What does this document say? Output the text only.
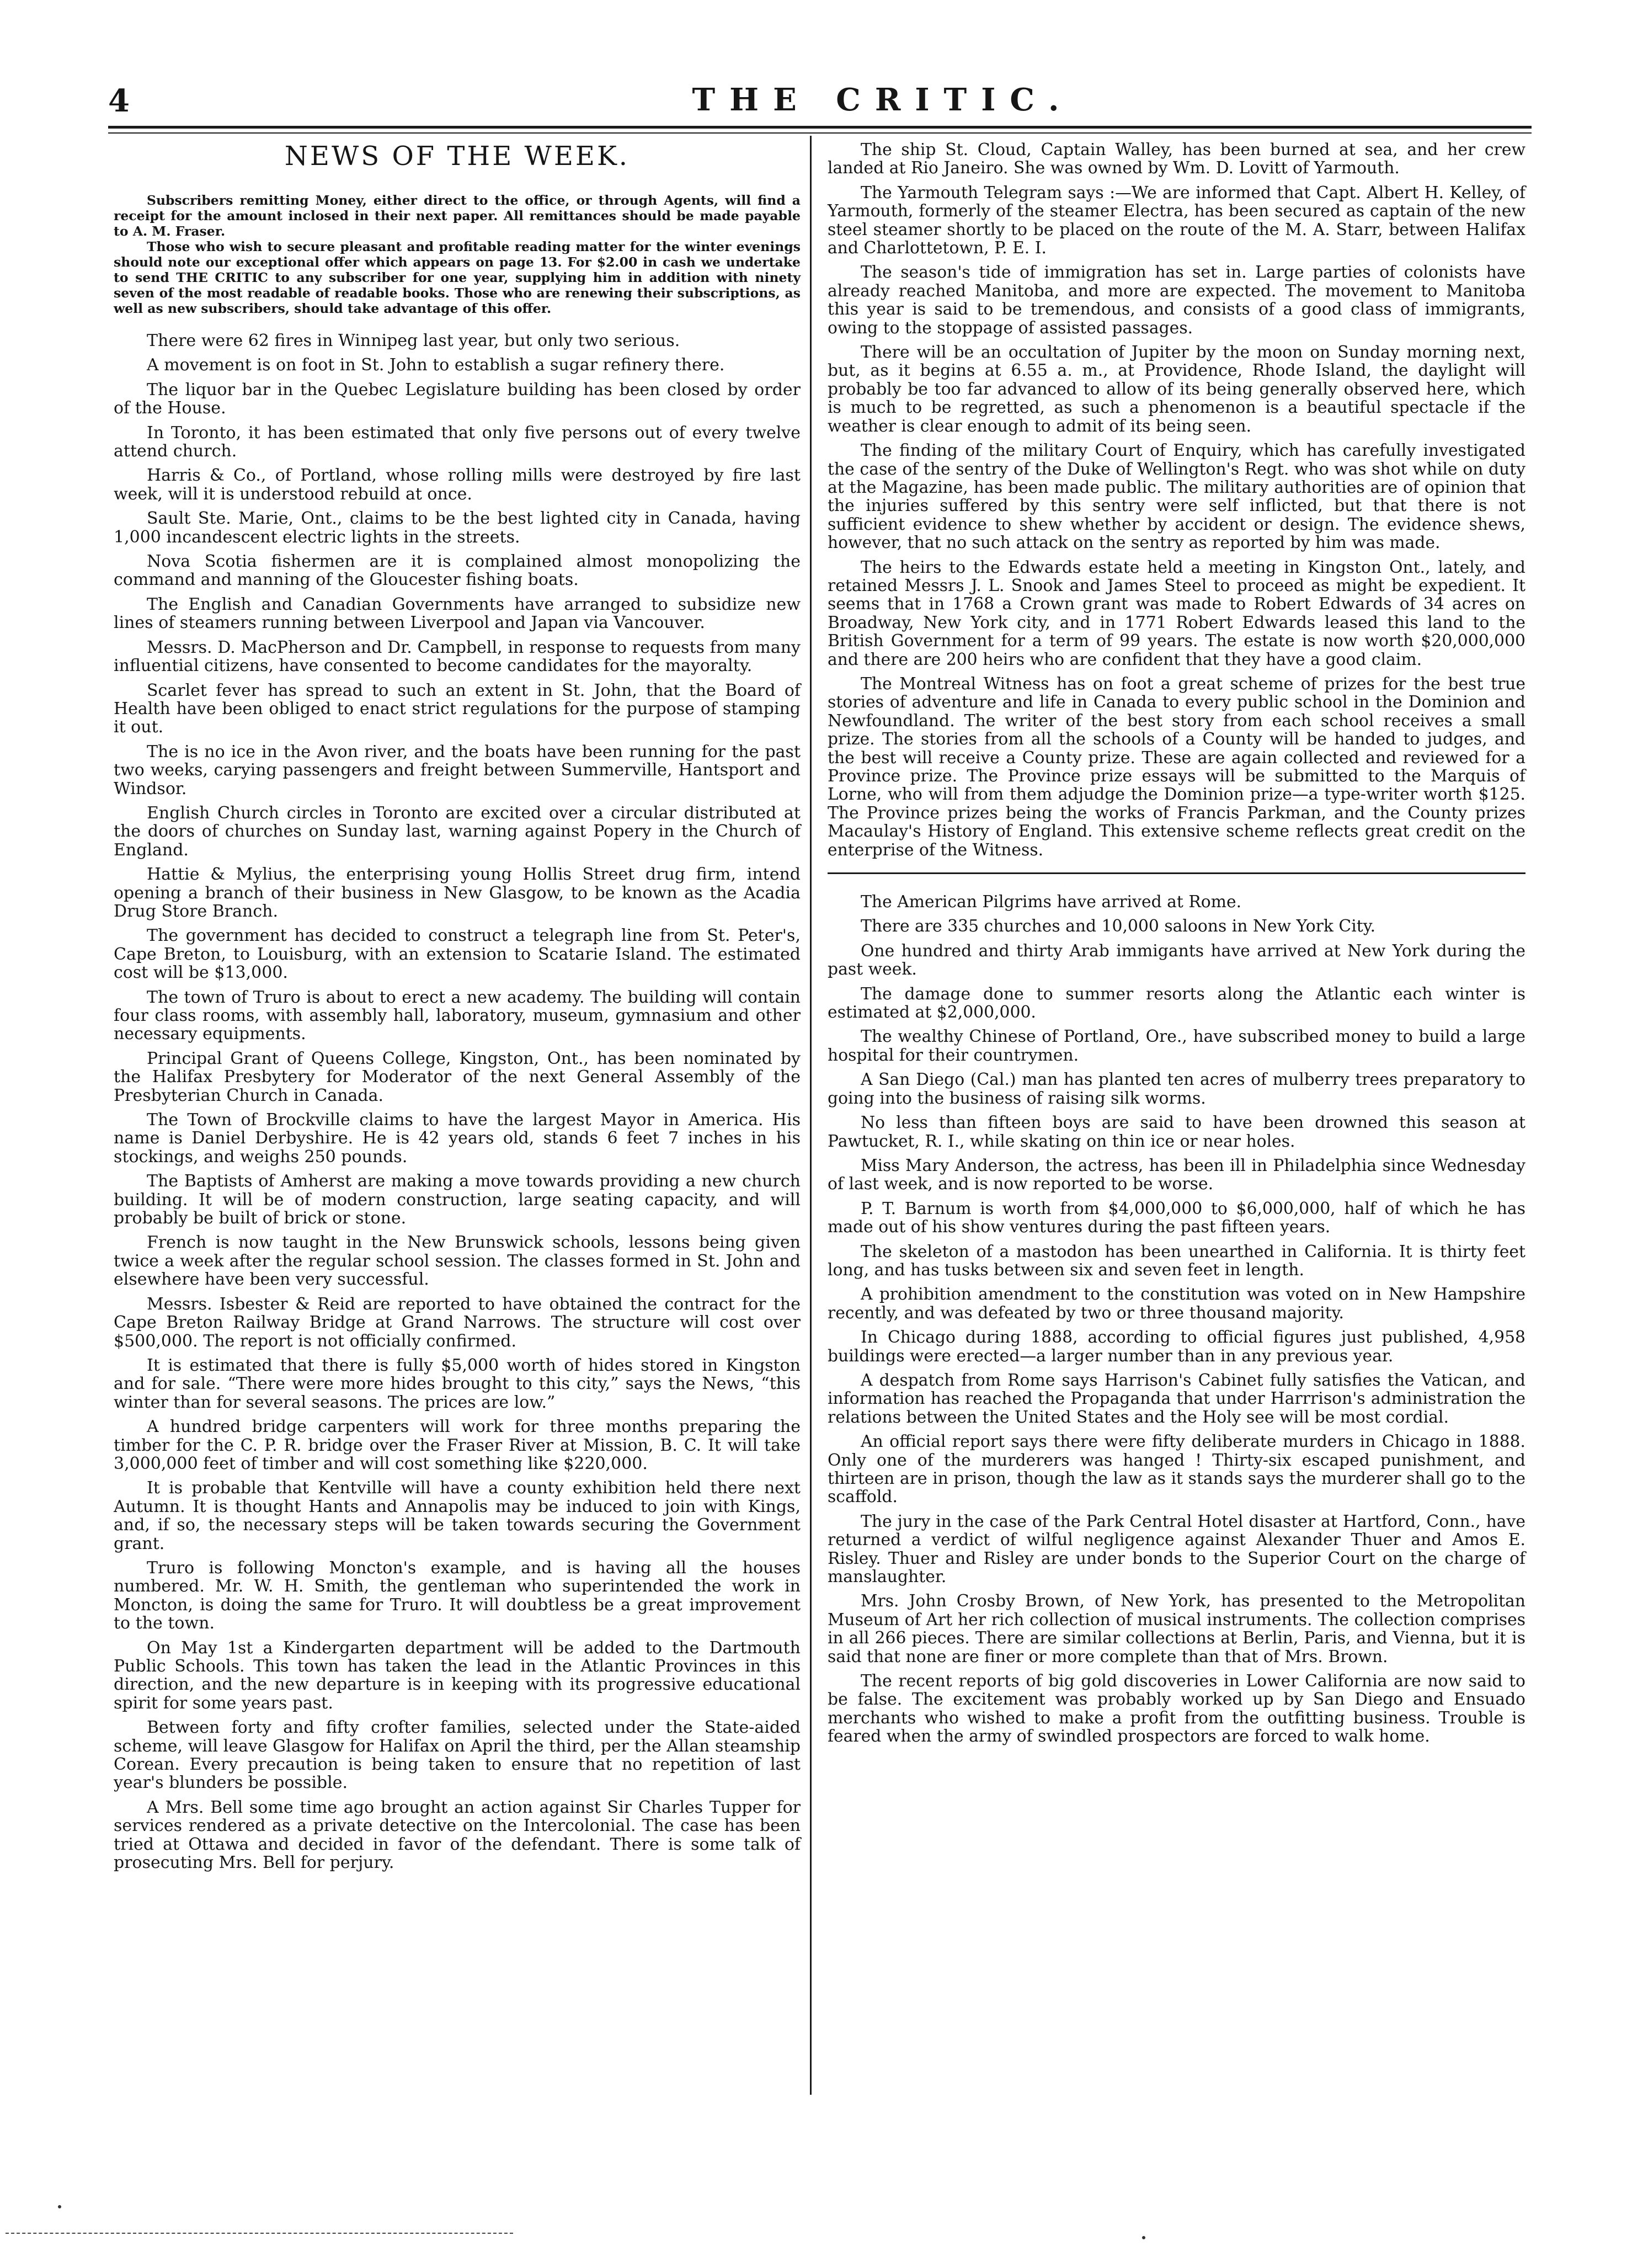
4	THE CRITIC.
NEWS OF THE WEEK.

Subscribers remitting Money, either direct to the office, or through Agents, will find a receipt for the amount inclosed in their next paper. All remittances should be made payable to A. M. Fraser.

Those who wish to secure pleasant and profitable reading matter for the winter evenings should note our exceptional offer which appears on page 13. For $2.00 in cash we undertake to send THE CRITIC to any subscriber for one year, supplying him in addition with ninety seven of the most readable of readable books. Those who are renewing their subscriptions, as well as new subscribers, should take advantage of this offer.

There were 62 fires in Winnipeg last year, but only two serious.

A movement is on foot in St. John to establish a sugar refinery there.

The liquor bar in the Quebec Legislature building has been closed by order of the House.

In Toronto, it has been estimated that only five persons out of every twelve attend church.

Harris & Co., of Portland, whose rolling mills were destroyed by fire last week, will it is understood rebuild at once.

Sault Ste. Marie, Ont., claims to be the best lighted city in Canada, having 1,000 incandescent electric lights in the streets.

Nova Scotia fishermen are it is complained almost monopolizing the command and manning of the Gloucester fishing boats.

The English and Canadian Governments have arranged to subsidize new lines of steamers running between Liverpool and Japan via Vancouver.

Messrs. D. MacPherson and Dr. Campbell, in response to requests from many influential citizens, have consented to become candidates for the mayoralty.

Scarlet fever has spread to such an extent in St. John, that the Board of Health have been obliged to enact strict regulations for the purpose of stamping it out.

The is no ice in the Avon river, and the boats have been running for the past two weeks, carying passengers and freight between Summerville, Hantsport and Windsor.

English Church circles in Toronto are excited over a circular distributed at the doors of churches on Sunday last, warning against Popery in the Church of England.

Hattie & Mylius, the enterprising young Hollis Street drug firm, intend opening a branch of their business in New Glasgow, to be known as the Acadia Drug Store Branch.

The government has decided to construct a telegraph line from St. Peter's, Cape Breton, to Louisburg, with an extension to Scatarie Island. The estimated cost will be $13,000.

The town of Truro is about to erect a new academy. The building will contain four class rooms, with assembly hall, laboratory, museum, gymnasium and other necessary equipments.

Principal Grant of Queens College, Kingston, Ont., has been nominated by the Halifax Presbytery for Moderator of the next General Assembly of the Presbyterian Church in Canada.

The Town of Brockville claims to have the largest Mayor in America. His name is Daniel Derbyshire. He is 42 years old, stands 6 feet 7 inches in his stockings, and weighs 250 pounds.

The Baptists of Amherst are making a move towards providing a new church building. It will be of modern construction, large seating capacity, and will probably be built of brick or stone.

French is now taught in the New Brunswick schools, lessons being given twice a week after the regular school session. The classes formed in St. John and elsewhere have been very successful.

Messrs. Isbester & Reid are reported to have obtained the contract for the Cape Breton Railway Bridge at Grand Narrows. The structure will cost over $500,000. The report is not officially confirmed.

It is estimated that there is fully $5,000 worth of hides stored in Kingston and for sale. “There were more hides brought to this city,” says the News, “this winter than for several seasons. The prices are low.”

A hundred bridge carpenters will work for three months preparing the timber for the C. P. R. bridge over the Fraser River at Mission, B. C. It will take 3,000,000 feet of timber and will cost something like $220,000.

It is probable that Kentville will have a county exhibition held there next Autumn. It is thought Hants and Annapolis may be induced to join with Kings, and, if so, the necessary steps will be taken towards securing the Government grant.

Truro is following Moncton's example, and is having all the houses numbered. Mr. W. H. Smith, the gentleman who superintended the work in Moncton, is doing the same for Truro. It will doubtless be a great improvement to the town.

On May 1st a Kindergarten department will be added to the Dartmouth Public Schools. This town has taken the lead in the Atlantic Provinces in this direction, and the new departure is in keeping with its progressive educational spirit for some years past.

Between forty and fifty crofter families, selected under the State-aided scheme, will leave Glasgow for Halifax on April the third, per the Allan steamship Corean. Every precaution is being taken to ensure that no repetition of last year's blunders be possible.

A Mrs. Bell some time ago brought an action against Sir Charles Tupper for services rendered as a private detective on the Intercolonial. The case has been tried at Ottawa and decided in favor of the defendant. There is some talk of prosecuting Mrs. Bell for perjury.

The ship St. Cloud, Captain Walley, has been burned at sea, and her crew landed at Rio Janeiro. She was owned by Wm. D. Lovitt of Yarmouth.

The Yarmouth Telegram says :—We are informed that Capt. Albert H. Kelley, of Yarmouth, formerly of the steamer Electra, has been secured as captain of the new steel steamer shortly to be placed on the route of the M. A. Starr, between Halifax and Charlottetown, P. E. I.

The season's tide of immigration has set in. Large parties of colonists have already reached Manitoba, and more are expected. The movement to Manitoba this year is said to be tremendous, and consists of a good class of immigrants, owing to the stoppage of assisted passages.

There will be an occultation of Jupiter by the moon on Sunday morning next, but, as it begins at 6.55 a. m., at Providence, Rhode Island, the daylight will probably be too far advanced to allow of its being generally observed here, which is much to be regretted, as such a phenomenon is a beautiful spectacle if the weather is clear enough to admit of its being seen.

The finding of the military Court of Enquiry, which has carefully investigated the case of the sentry of the Duke of Wellington's Regt. who was shot while on duty at the Magazine, has been made public. The military authorities are of opinion that the injuries suffered by this sentry were self inflicted, but that there is not sufficient evidence to shew whether by accident or design. The evidence shews, however, that no such attack on the sentry as reported by him was made.

The heirs to the Edwards estate held a meeting in Kingston Ont., lately, and retained Messrs J. L. Snook and James Steel to proceed as might be expedient. It seems that in 1768 a Crown grant was made to Robert Edwards of 34 acres on Broadway, New York city, and in 1771 Robert Edwards leased this land to the British Government for a term of 99 years. The estate is now worth $20,000,000 and there are 200 heirs who are confident that they have a good claim.

The Montreal Witness has on foot a great scheme of prizes for the best true stories of adventure and life in Canada to every public school in the Dominion and Newfoundland. The writer of the best story from each school receives a small prize. The stories from all the schools of a County will be handed to judges, and the best will receive a County prize. These are again collected and reviewed for a Province prize. The Province prize essays will be submitted to the Marquis of Lorne, who will from them adjudge the Dominion prize—a type-writer worth $125. The Province prizes being the works of Francis Parkman, and the County prizes Macaulay's History of England. This extensive scheme reflects great credit on the enterprise of the Witness.

The American Pilgrims have arrived at Rome.

There are 335 churches and 10,000 saloons in New York City.

One hundred and thirty Arab immigants have arrived at New York during the past week.

The damage done to summer resorts along the Atlantic each winter is estimated at $2,000,000.

The wealthy Chinese of Portland, Ore., have subscribed money to build a large hospital for their countrymen.

A San Diego (Cal.) man has planted ten acres of mulberry trees preparatory to going into the business of raising silk worms.

No less than fifteen boys are said to have been drowned this season at Pawtucket, R. I., while skating on thin ice or near holes.

Miss Mary Anderson, the actress, has been ill in Philadelphia since Wednesday of last week, and is now reported to be worse.

P. T. Barnum is worth from $4,000,000 to $6,000,000, half of which he has made out of his show ventures during the past fifteen years.

The skeleton of a mastodon has been unearthed in California. It is thirty feet long, and has tusks between six and seven feet in length.

A prohibition amendment to the constitution was voted on in New Hampshire recently, and was defeated by two or three thousand majority.

In Chicago during 1888, according to official figures just published, 4,958 buildings were erected—a larger number than in any previous year.

A despatch from Rome says Harrison's Cabinet fully satisfies the Vatican, and information has reached the Propaganda that under Harrrison's administration the relations between the United States and the Holy see will be most cordial.

An official report says there were fifty deliberate murders in Chicago in 1888. Only one of the murderers was hanged ! Thirty-six escaped punishment, and thirteen are in prison, though the law as it stands says the murderer shall go to the scaffold.

The jury in the case of the Park Central Hotel disaster at Hartford, Conn., have returned a verdict of wilful negligence against Alexander Thuer and Amos E. Risley. Thuer and Risley are under bonds to the Superior Court on the charge of manslaughter.

Mrs. John Crosby Brown, of New York, has presented to the Metropolitan Museum of Art her rich collection of musical instruments. The collection comprises in all 266 pieces. There are similar collections at Berlin, Paris, and Vienna, but it is said that none are finer or more complete than that of Mrs. Brown.

The recent reports of big gold discoveries in Lower California are now said to be false. The excitement was probably worked up by San Diego and Ensuado merchants who wished to make a profit from the outfitting business. Trouble is feared when the army of swindled prospectors are forced to walk home.
